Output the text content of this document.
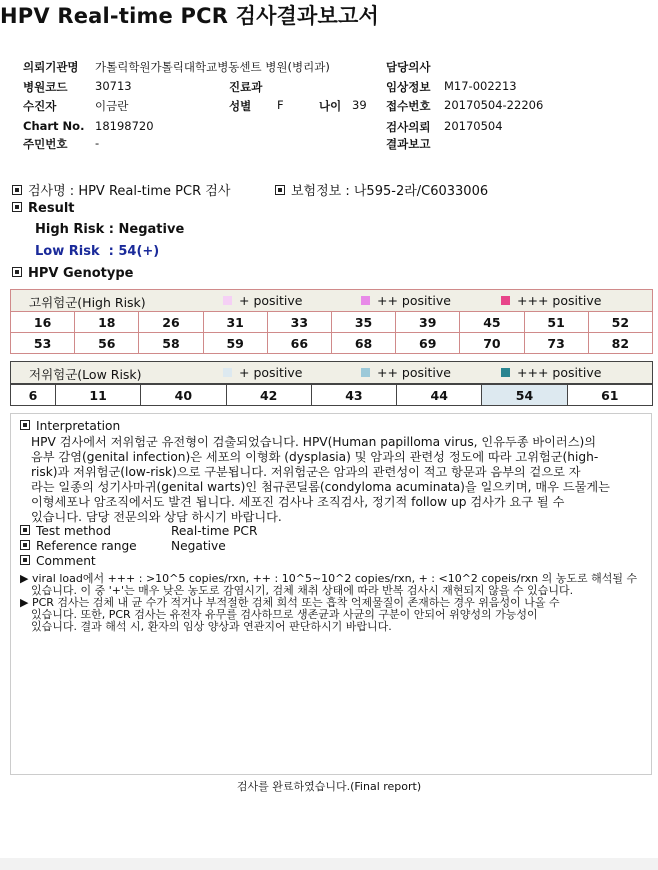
HPV Real-time PCR 검사결과보고서
의뢰기관명 가톨릭학원가톨릭대학교병동센트 병원(병리과)
병원코드 30713
수진자	이금란
Chart No. 18198720
주민번호 -
진료과
성별 F	나이 39
담당의사
임상정보 M17-002213
접수번호 20170504-22206
검사의뢰 20170504
결과보고
검사명 : HPV Real-time PCR 검사	보험정보 : 나595-2라/C6033006
Result
High Risk : Negative
Low Risk  : 54(+)
HPV Genotype
고위험군(High Risk)	+ positive	++ positive	+++ positive
16	18	26	31	33	35	39	45	51	52
53	56	58	59	66	68	69	70	73	82
저위험군(Low Risk)	+ positive	++ positive	+++ positive
6	11	40	42	43	44	54	61
Interpretation
HPV 검사에서 저위험군 유전형이 검출되었습니다. HPV(Human papilloma virus, 인유두종 바이러스)의
음부 감염(genital infection)은 세포의 이형화 (dysplasia) 및 암과의 관련성 정도에 따라 고위험군(high-
risk)과 저위험군(low-risk)으로 구분됩니다. 저위험군은 암과의 관련성이 적고 항문과 음부의 겉으로 자
라는 일종의 성기사마귀(genital warts)인 첨규콘딜롬(condyloma acuminata)을 일으키며, 매우 드물게는
이형세포나 암조직에서도 발견 됩니다. 세포진 검사나 조직검사, 정기적 follow up 검사가 요구 될 수
있습니다. 담당 전문의와 상담 하시기 바랍니다.
Test method	Real-time PCR
Reference range	Negative
Comment
▶ viral load에서 +++ : >10^5 copies/rxn, ++ : 10^5~10^2 copies/rxn, + : <10^2 copeis/rxn 의 농도로 해석될 수
있습니다. 이 중 '+'는 매우 낮은 농도로 감염시기, 검체 채취 상태에 따라 반복 검사시 재현되지 않을 수 있습니다.
▶ PCR 검사는 검체 내 균 수가 적거나 부적절한 검체 희석 또는 흡착 억제물질이 존재하는 경우 위음성이 나올 수
있습니다. 또한, PCR 검사는 유전자 유무를 검사하므로 생존균과 사균의 구분이 안되어 위양성의 가능성이
있습니다. 결과 해석 시, 환자의 임상 양상과 연관지어 판단하시기 바랍니다.
검사를 완료하였습니다.(Final report)
